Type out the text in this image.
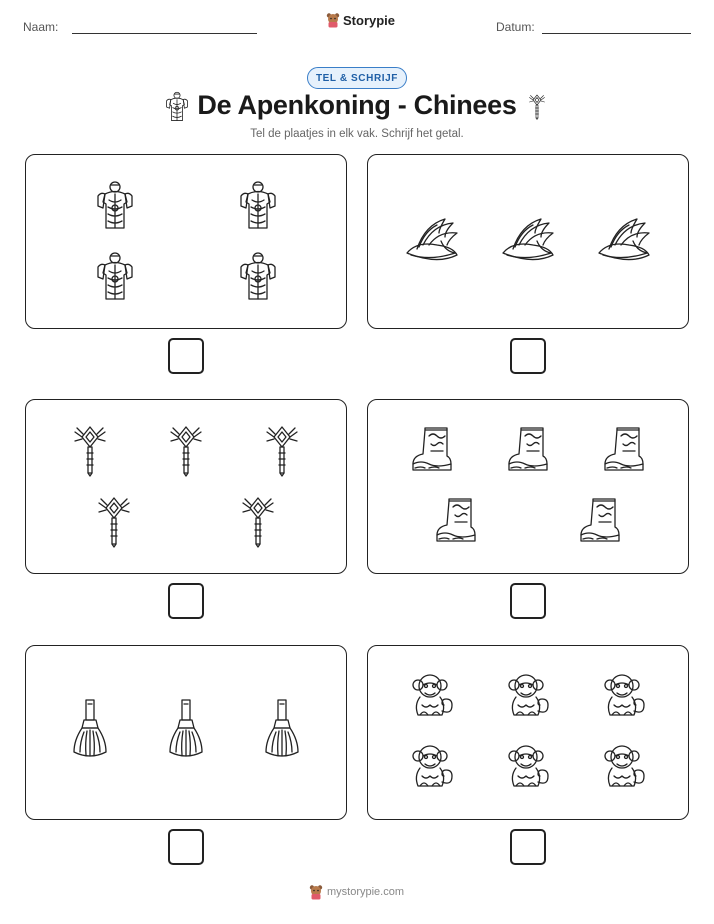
Naam:	Storypie	Datum:
TEL & SCHRIJF
De Apenkoning - Chinees
Tel de plaatjes in elk vak. Schrijf het getal.
mystorypie.com
